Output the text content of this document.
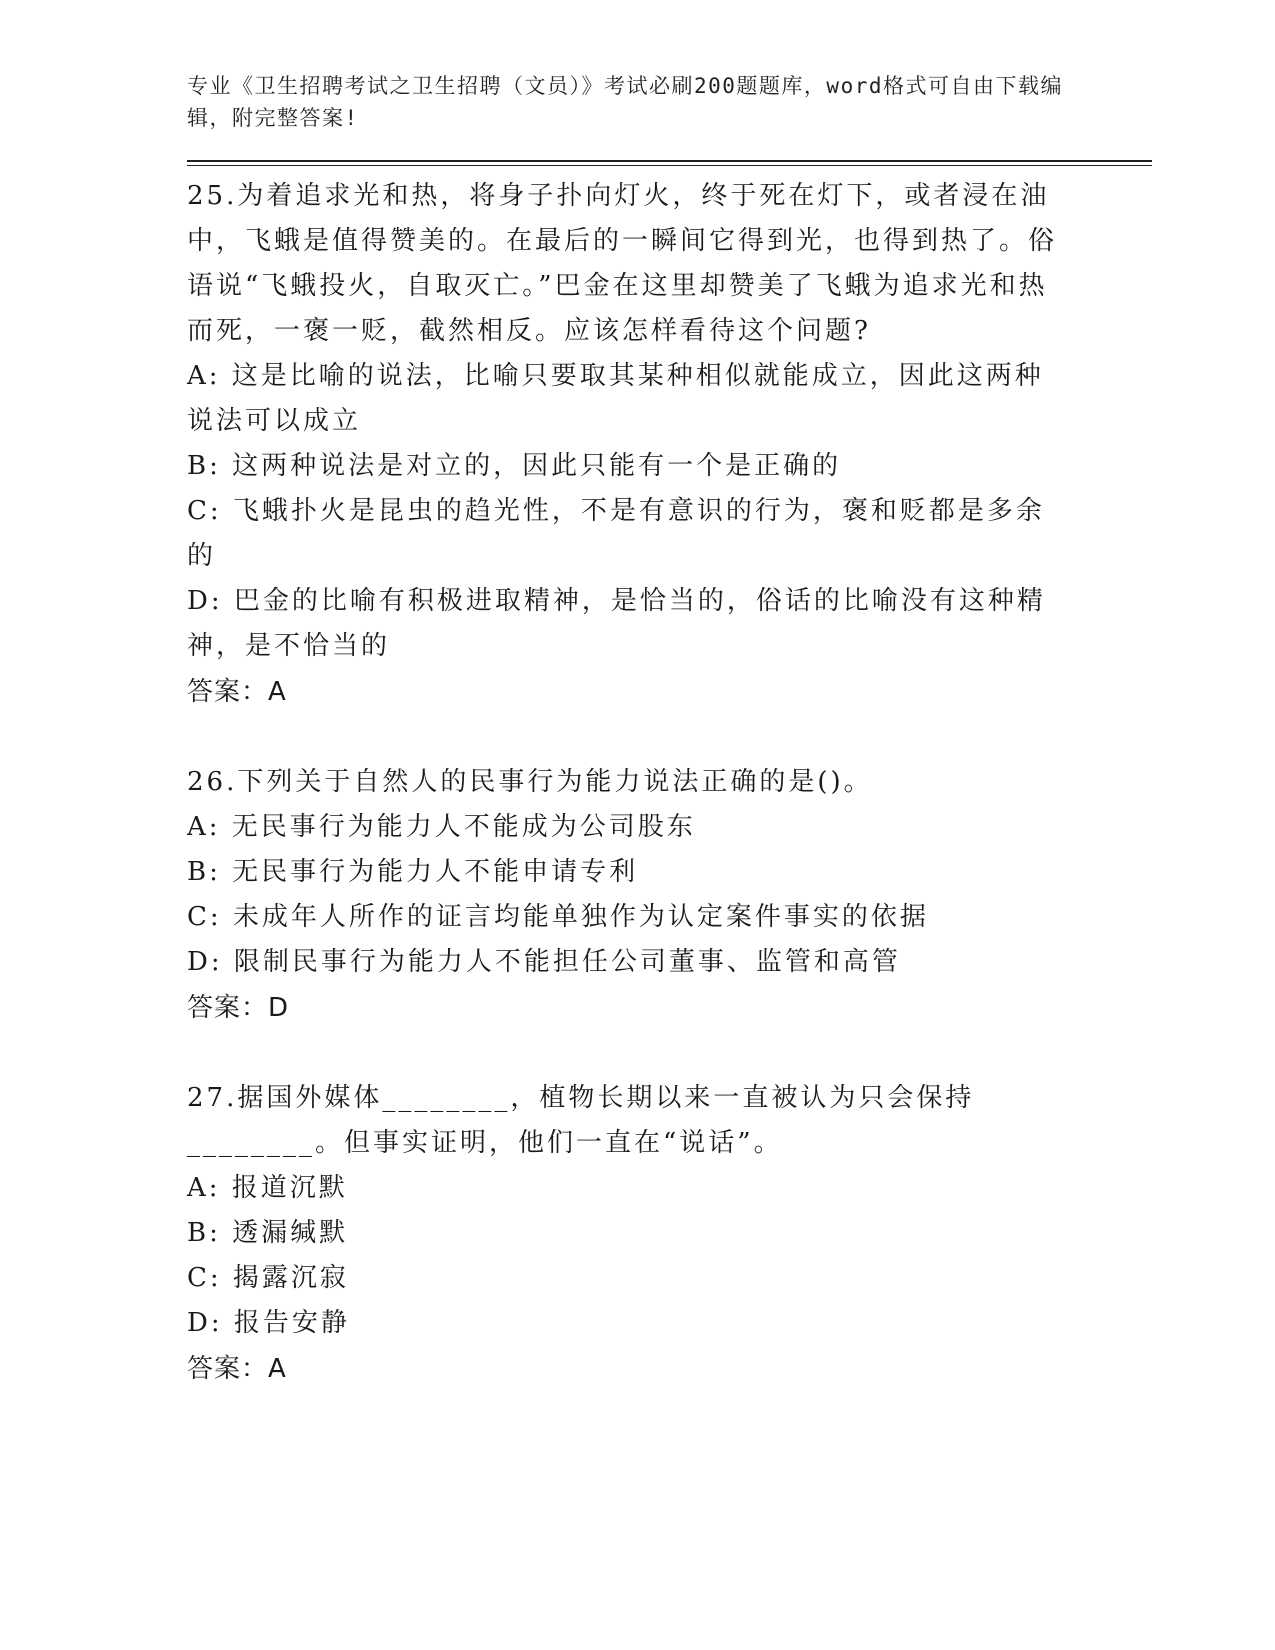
专业《卫生招聘考试之卫生招聘（文员）》考试必刷200题题库，word格式可自由下载编辑，附完整答案!
25.为着追求光和热，将身子扑向灯火，终于死在灯下，或者浸在油中，飞蛾是值得赞美的。在最后的一瞬间它得到光，也得到热了。俗语说“飞蛾投火，自取灭亡。”巴金在这里却赞美了飞蛾为追求光和热而死，一褒一贬，截然相反。应该怎样看待这个问题?
A: 这是比喻的说法，比喻只要取其某种相似就能成立，因此这两种说法可以成立
B: 这两种说法是对立的，因此只能有一个是正确的
C: 飞蛾扑火是昆虫的趋光性，不是有意识的行为，褒和贬都是多余的
D: 巴金的比喻有积极进取精神，是恰当的，俗话的比喻没有这种精神，是不恰当的
答案：A
26.下列关于自然人的民事行为能力说法正确的是()。
A: 无民事行为能力人不能成为公司股东
B: 无民事行为能力人不能申请专利
C: 未成年人所作的证言均能单独作为认定案件事实的依据
D: 限制民事行为能力人不能担任公司董事、监管和高管
答案：D
27.据国外媒体________，植物长期以来一直被认为只会保持________。但事实证明，他们一直在“说话”。
A: 报道沉默
B: 透漏缄默
C: 揭露沉寂
D: 报告安静
答案：A
